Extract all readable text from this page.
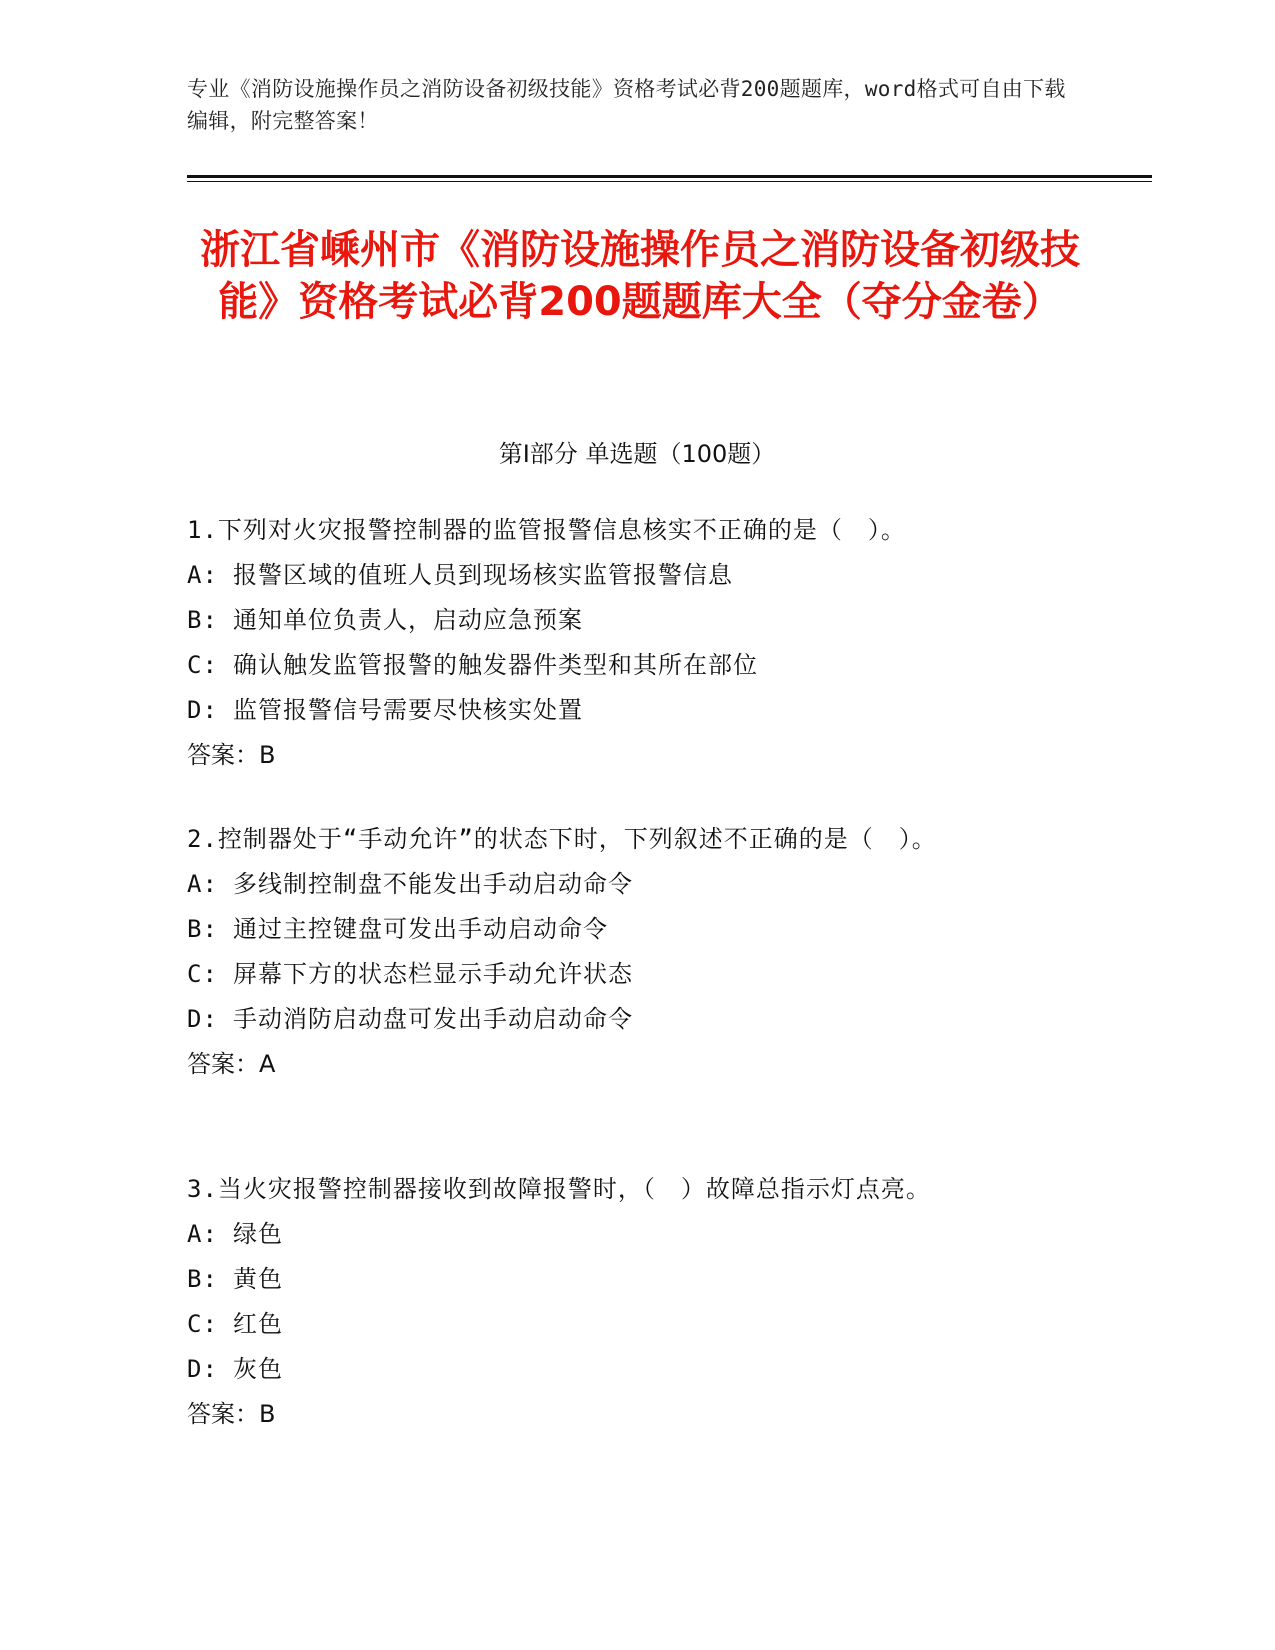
专业《消防设施操作员之消防设备初级技能》资格考试必背200题题库，word格式可自由下载编辑，附完整答案！
浙江省嵊州市《消防设施操作员之消防设备初级技能》资格考试必背200题题库大全（夺分金卷）
第I部分 单选题（100题）
1.下列对火灾报警控制器的监管报警信息核实不正确的是（　）。
A: 报警区域的值班人员到现场核实监管报警信息
B: 通知单位负责人，启动应急预案
C: 确认触发监管报警的触发器件类型和其所在部位
D: 监管报警信号需要尽快核实处置
答案：B
2.控制器处于“手动允许”的状态下时，下列叙述不正确的是（　）。
A: 多线制控制盘不能发出手动启动命令
B: 通过主控键盘可发出手动启动命令
C: 屏幕下方的状态栏显示手动允许状态
D: 手动消防启动盘可发出手动启动命令
答案：A
3.当火灾报警控制器接收到故障报警时，（　）故障总指示灯点亮。
A: 绿色
B: 黄色
C: 红色
D: 灰色
答案：B
